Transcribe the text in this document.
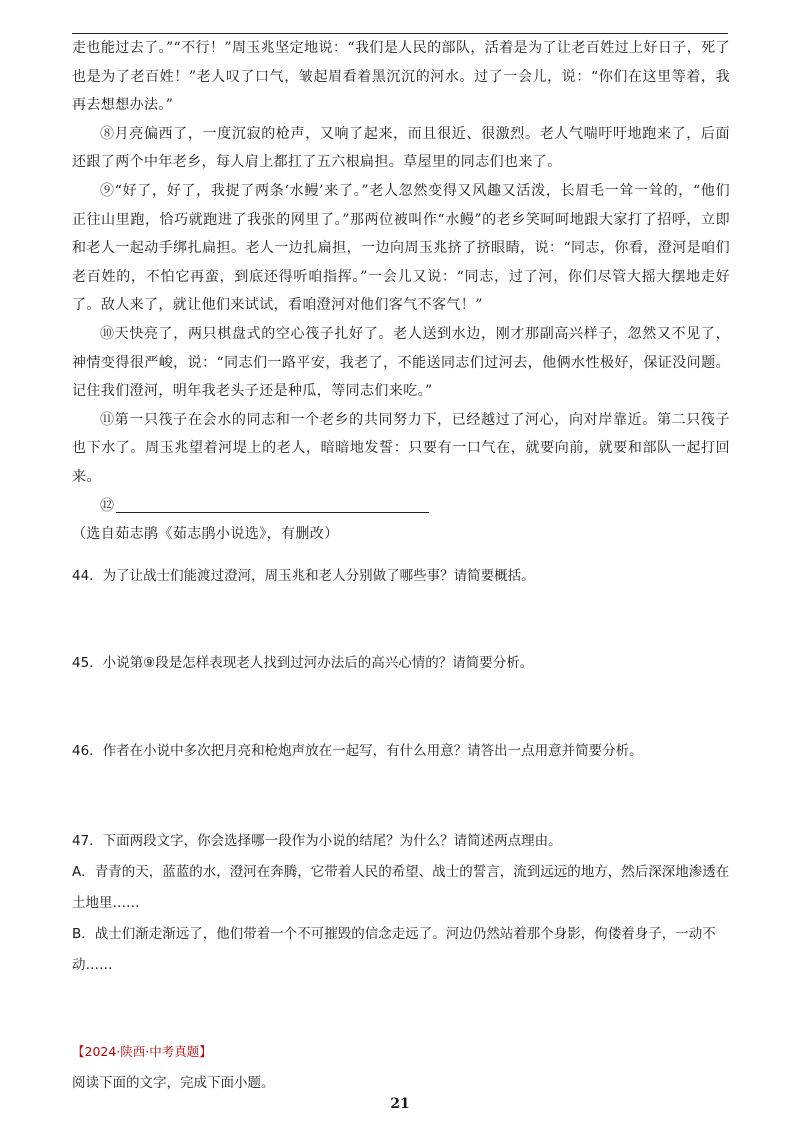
走也能过去了。”“不行！”周玉兆坚定地说：“我们是人民的部队，活着是为了让老百姓过上好日子，死了也是为了老百姓！”老人叹了口气，皱起眉看着黑沉沉的河水。过了一会儿，说：“你们在这里等着，我再去想想办法。”

⑧月亮偏西了，一度沉寂的枪声，又响了起来，而且很近、很激烈。老人气喘吁吁地跑来了，后面还跟了两个中年老乡，每人肩上都扛了五六根扁担。草屋里的同志们也来了。

⑨“好了，好了，我捉了两条‘水鳗’来了。”老人忽然变得又风趣又活泼，长眉毛一耸一耸的，“他们正往山里跑，恰巧就跑进了我张的网里了。”那两位被叫作“水鳗”的老乡笑呵呵地跟大家打了招呼，立即和老人一起动手绑扎扁担。老人一边扎扁担，一边向周玉兆挤了挤眼睛，说：“同志，你看，澄河是咱们老百姓的，不怕它再蛮，到底还得听咱指挥。”一会儿又说：“同志，过了河，你们尽管大摇大摆地走好了。敌人来了，就让他们来试试，看咱澄河对他们客气不客气！”

⑩天快亮了，两只棋盘式的空心筏子扎好了。老人送到水边，刚才那副高兴样子，忽然又不见了，神情变得很严峻，说：“同志们一路平安，我老了，不能送同志们过河去，他俩水性极好，保证没问题。记住我们澄河，明年我老头子还是种瓜，等同志们来吃。”

⑪第一只筏子在会水的同志和一个老乡的共同努力下，已经越过了河心，向对岸靠近。第二只筏子也下水了。周玉兆望着河堤上的老人，暗暗地发誓：只要有一口气在，就要向前，就要和部队一起打回来。

⑫

（选自茹志鹃《茹志鹃小说选》，有删改）

44．为了让战士们能渡过澄河，周玉兆和老人分别做了哪些事？请简要概括。
45．小说第⑨段是怎样表现老人找到过河办法后的高兴心情的？请简要分析。
46．作者在小说中多次把月亮和枪炮声放在一起写，有什么用意？请答出一点用意并简要分析。
47．下面两段文字，你会选择哪一段作为小说的结尾？为什么？请简述两点理由。
A．青青的天，蓝蓝的水，澄河在奔腾，它带着人民的希望、战士的誓言，流到远远的地方，然后深深地渗透在土地里……
B．战士们渐走渐远了，他们带着一个不可摧毁的信念走远了。河边仍然站着那个身影，佝偻着身子，一动不动……
【2024·陕西·中考真题】
阅读下面的文字，完成下面小题。
21
